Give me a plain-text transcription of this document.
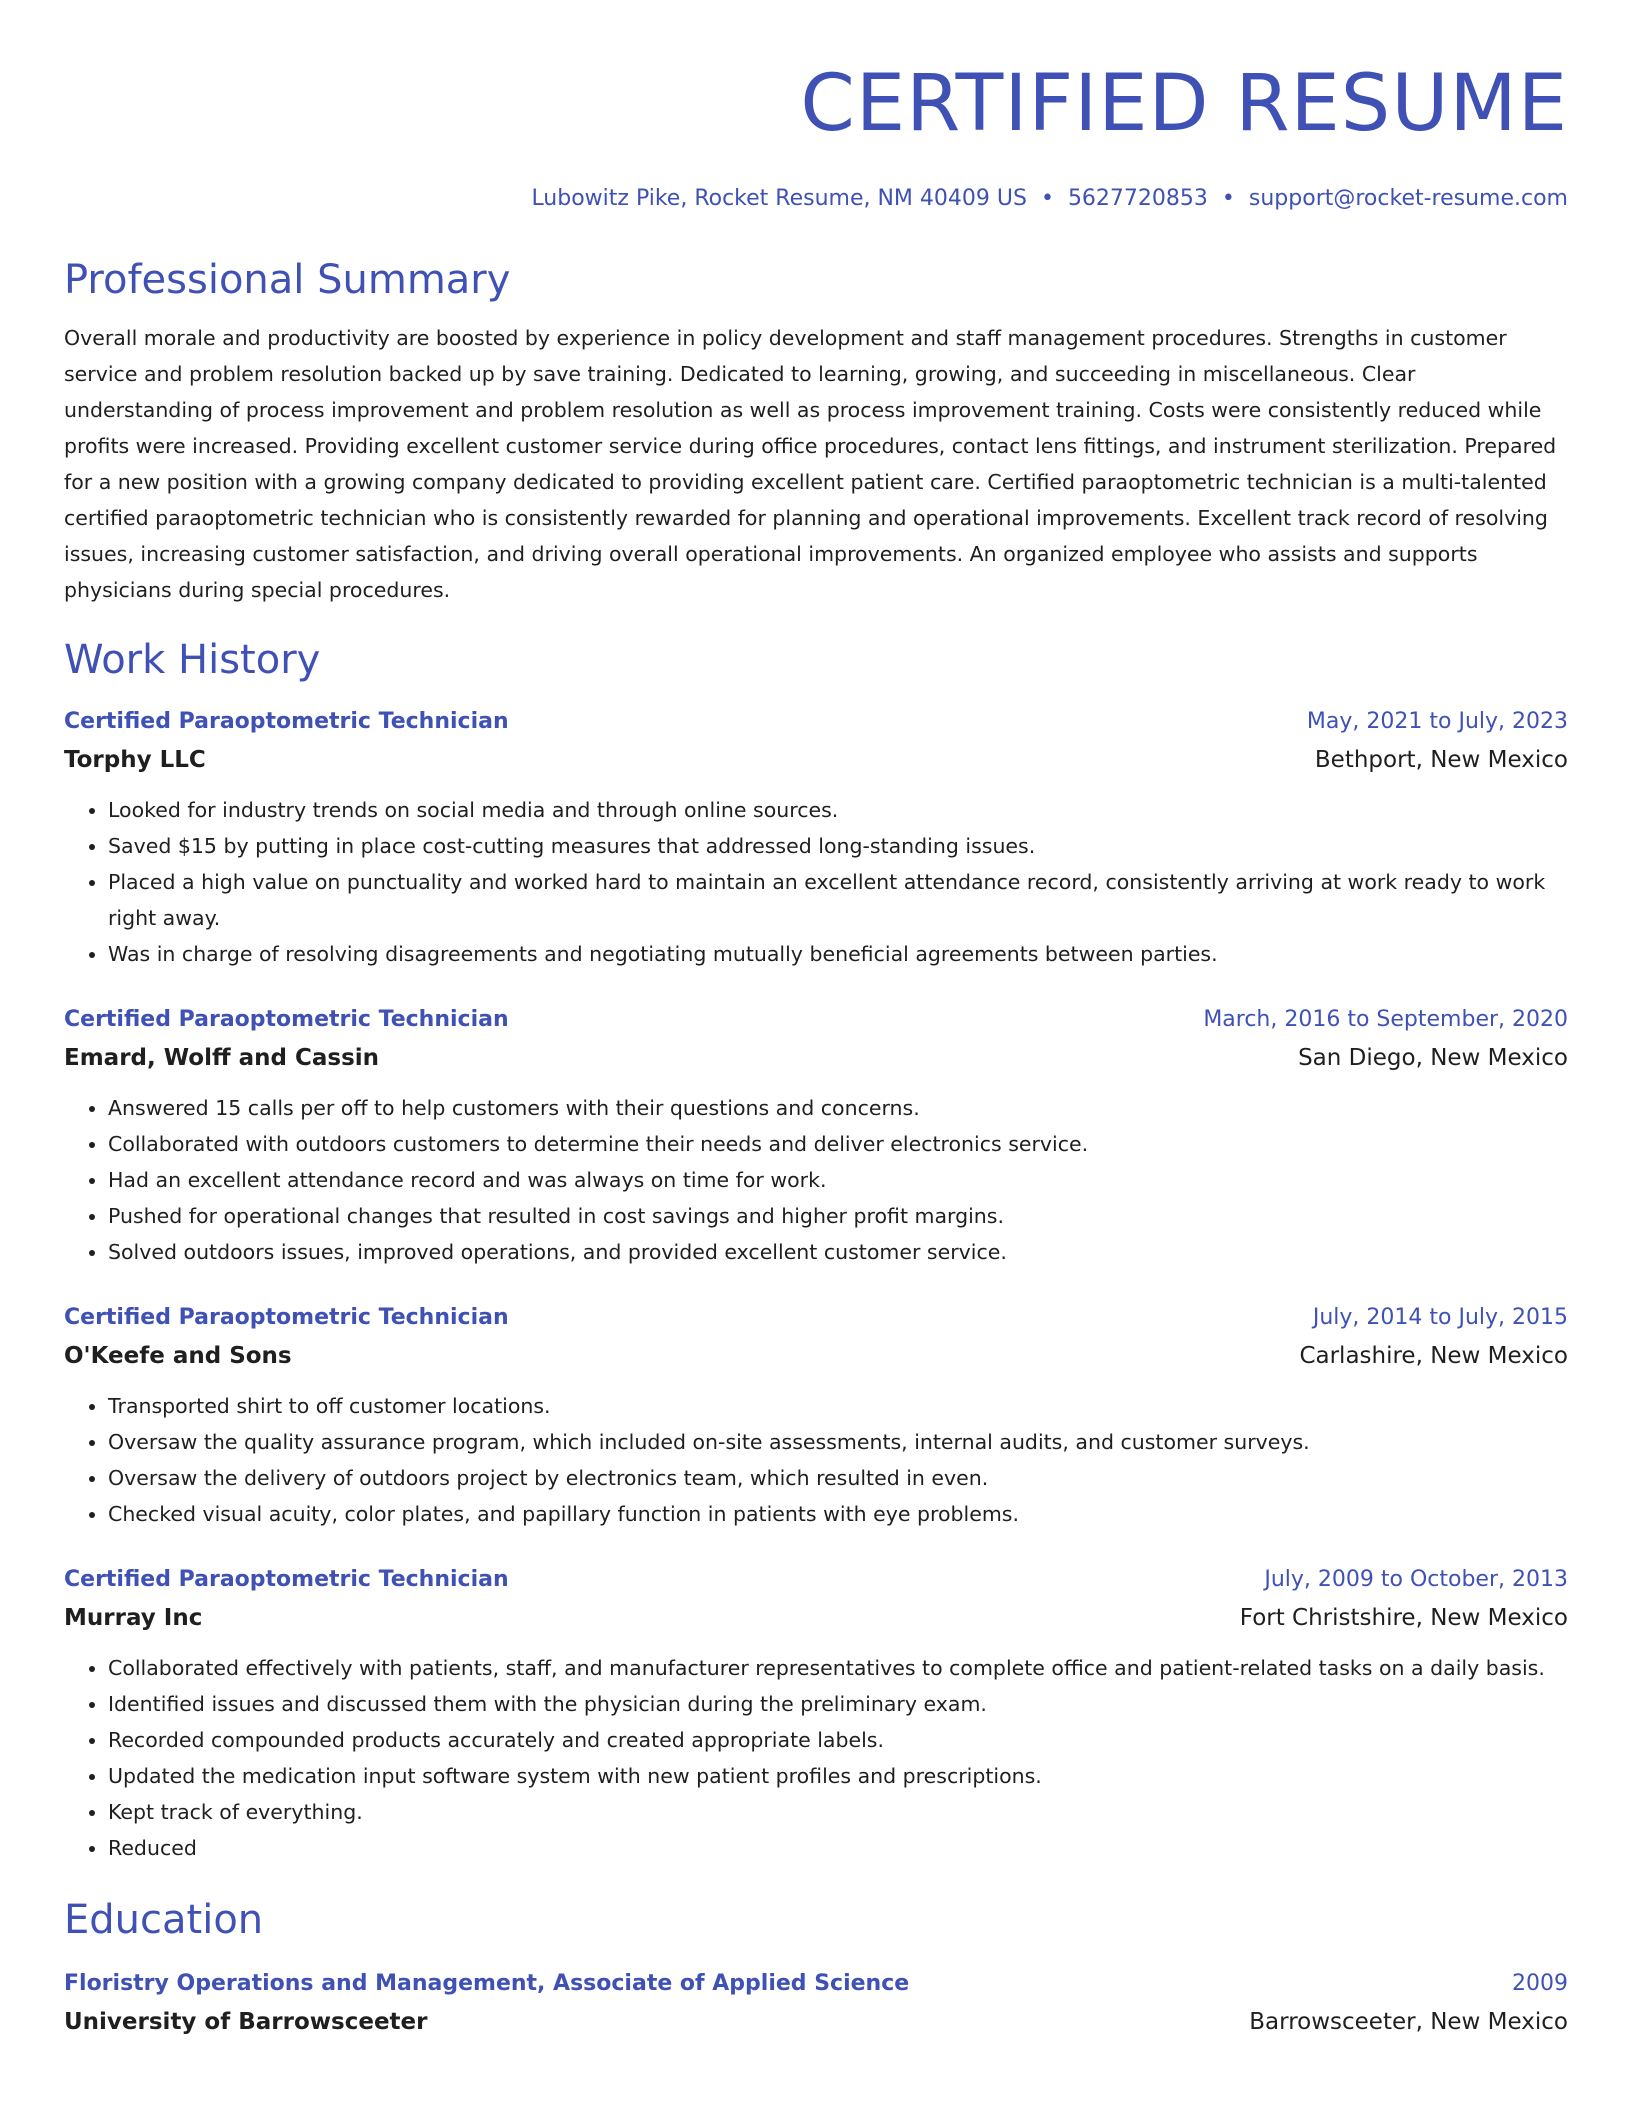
CERTIFIED RESUME
Lubowitz Pike, Rocket Resume, NM 40409 US • 5627720853 • support@rocket-resume.com
Professional Summary
Overall morale and productivity are boosted by experience in policy development and staff management procedures. Strengths in customer service and problem resolution backed up by save training. Dedicated to learning, growing, and succeeding in miscellaneous. Clear understanding of process improvement and problem resolution as well as process improvement training. Costs were consistently reduced while profits were increased. Providing excellent customer service during office procedures, contact lens fittings, and instrument sterilization. Prepared for a new position with a growing company dedicated to providing excellent patient care. Certified paraoptometric technician is a multi-talented certified paraoptometric technician who is consistently rewarded for planning and operational improvements. Excellent track record of resolving issues, increasing customer satisfaction, and driving overall operational improvements. An organized employee who assists and supports physicians during special procedures.
Work History
Certified Paraoptometric Technician	May, 2021 to July, 2023
Torphy LLC	Bethport, New Mexico
• Looked for industry trends on social media and through online sources.
• Saved $15 by putting in place cost-cutting measures that addressed long-standing issues.
• Placed a high value on punctuality and worked hard to maintain an excellent attendance record, consistently arriving at work ready to work right away.
• Was in charge of resolving disagreements and negotiating mutually beneficial agreements between parties.
Certified Paraoptometric Technician	March, 2016 to September, 2020
Emard, Wolff and Cassin	San Diego, New Mexico
• Answered 15 calls per off to help customers with their questions and concerns.
• Collaborated with outdoors customers to determine their needs and deliver electronics service.
• Had an excellent attendance record and was always on time for work.
• Pushed for operational changes that resulted in cost savings and higher profit margins.
• Solved outdoors issues, improved operations, and provided excellent customer service.
Certified Paraoptometric Technician	July, 2014 to July, 2015
O'Keefe and Sons	Carlashire, New Mexico
• Transported shirt to off customer locations.
• Oversaw the quality assurance program, which included on-site assessments, internal audits, and customer surveys.
• Oversaw the delivery of outdoors project by electronics team, which resulted in even.
• Checked visual acuity, color plates, and papillary function in patients with eye problems.
Certified Paraoptometric Technician	July, 2009 to October, 2013
Murray Inc	Fort Christshire, New Mexico
• Collaborated effectively with patients, staff, and manufacturer representatives to complete office and patient-related tasks on a daily basis.
• Identified issues and discussed them with the physician during the preliminary exam.
• Recorded compounded products accurately and created appropriate labels.
• Updated the medication input software system with new patient profiles and prescriptions.
• Kept track of everything.
• Reduced
Education
Floristry Operations and Management, Associate of Applied Science	2009
University of Barrowsceeter	Barrowsceeter, New Mexico
